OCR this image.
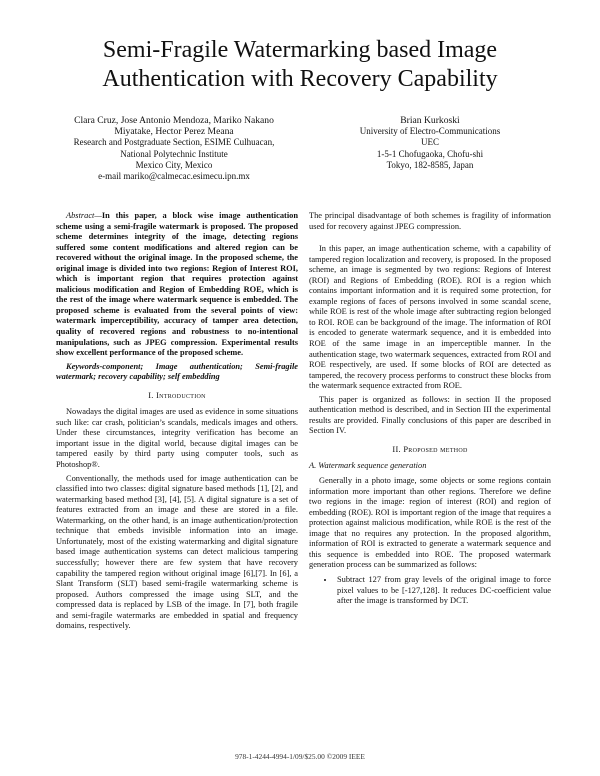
Semi-Fragile Watermarking based Image
Authentication with Recovery Capability
Clara Cruz, Jose Antonio Mendoza, Mariko Nakano
Miyatake, Hector Perez Meana
Research and Postgraduate Section, ESIME Culhuacan,
National Polytechnic Institute
Mexico City, Mexico
e-mail mariko@calmecac.esimecu.ipn.mx
Brian Kurkoski
University of Electro-Communications
UEC
1-5-1 Chofugaoka, Chofu-shi
Tokyo, 182-8585, Japan

Abstract—In this paper, a block wise image authentication scheme using a semi-fragile watermark is proposed. The proposed scheme determines integrity of the image, detecting regions suffered some content modifications and altered region can be recovered without the original image. In the proposed scheme, the original image is divided into two regions: Region of Interest ROI, which is important region that requires protection against malicious modification and Region of Embedding ROE, which is the rest of the image where watermark sequence is embedded. The proposed scheme is evaluated from the several points of view: watermark imperceptibility, accuracy of tamper area detection, quality of recovered regions and robustness to no-intentional manipulations, such as JPEG compression. Experimental results show excellent performance of the proposed scheme.

Keywords-component; Image authentication; Semi-fragile watermark; recovery capability; self embedding

I. Introduction

Nowadays the digital images are used as evidence in some situations such like: car crash, politician’s scandals, medicals images and others. Under these circumstances, integrity verification has become an important issue in the digital world, because digital images can be tampered easily by third party using computer tools, such as Photoshop®.

Conventionally, the methods used for image authentication can be classified into two classes: digital signature based methods [1], [2], and watermarking based method [3], [4], [5]. A digital signature is a set of features extracted from an image and these are stored in a file. Watermarking, on the other hand, is an image authentication/protection technique that embeds invisible information into an image. Unfortunately, most of the existing watermarking and digital signature based image authentication systems can detect malicious tampering successfully; however there are few system that have recovery capability the tampered region without original image [6],[7]. In [6], a Slant Transform (SLT) based semi-fragile watermarking scheme is proposed. Authors compressed the image using SLT, and the compressed data is replaced by LSB of the image. In [7], both fragile and semi-fragile watermarks are embedded in spatial and frequency domains, respectively.

The principal disadvantage of both schemes is fragility of information used for recovery against JPEG compression.

In this paper, an image authentication scheme, with a capability of tampered region localization and recovery, is proposed. In the proposed scheme, an image is segmented by two regions: Regions of Interest (ROI) and Regions of Embedding (ROE). ROI is a region which contains important information and it is required some protection, for example regions of faces of persons involved in some scandal scene, while ROE is rest of the whole image after subtracting region belonged to ROI. ROE can be background of the image. The information of ROI is encoded to generate watermark sequence, and it is embedded into ROE of the same image in an imperceptible manner. In the authentication stage, two watermark sequences, extracted from ROI and ROE respectively, are used. If some blocks of ROI are detected as tampered, the recovery process performs to construct these blocks from the watermark sequence extracted from ROE.

This paper is organized as follows: in section II the proposed authentication method is described, and in Section III the experimental results are provided. Finally conclusions of this paper are described in Section IV.

II. Proposed method

A. Watermark sequence generation

Generally in a photo image, some objects or some regions contain information more important than other regions. Therefore we define two regions in the image: region of interest (ROI) and region of embedding (ROE). ROI is important region of the image that requires a protection against malicious modification, while ROE is the rest of the image that no requires any protection. In the proposed algorithm, information of ROI is extracted to generate a watermark sequence and this sequence is embedded into ROE. The proposed watermark generation process can be summarized as follows:

• Subtract 127 from gray levels of the original image to force pixel values to be [-127,128]. It reduces DC-coefficient value after the image is transformed by DCT.
978-1-4244-4994-1/09/$25.00 ©2009 IEEE
